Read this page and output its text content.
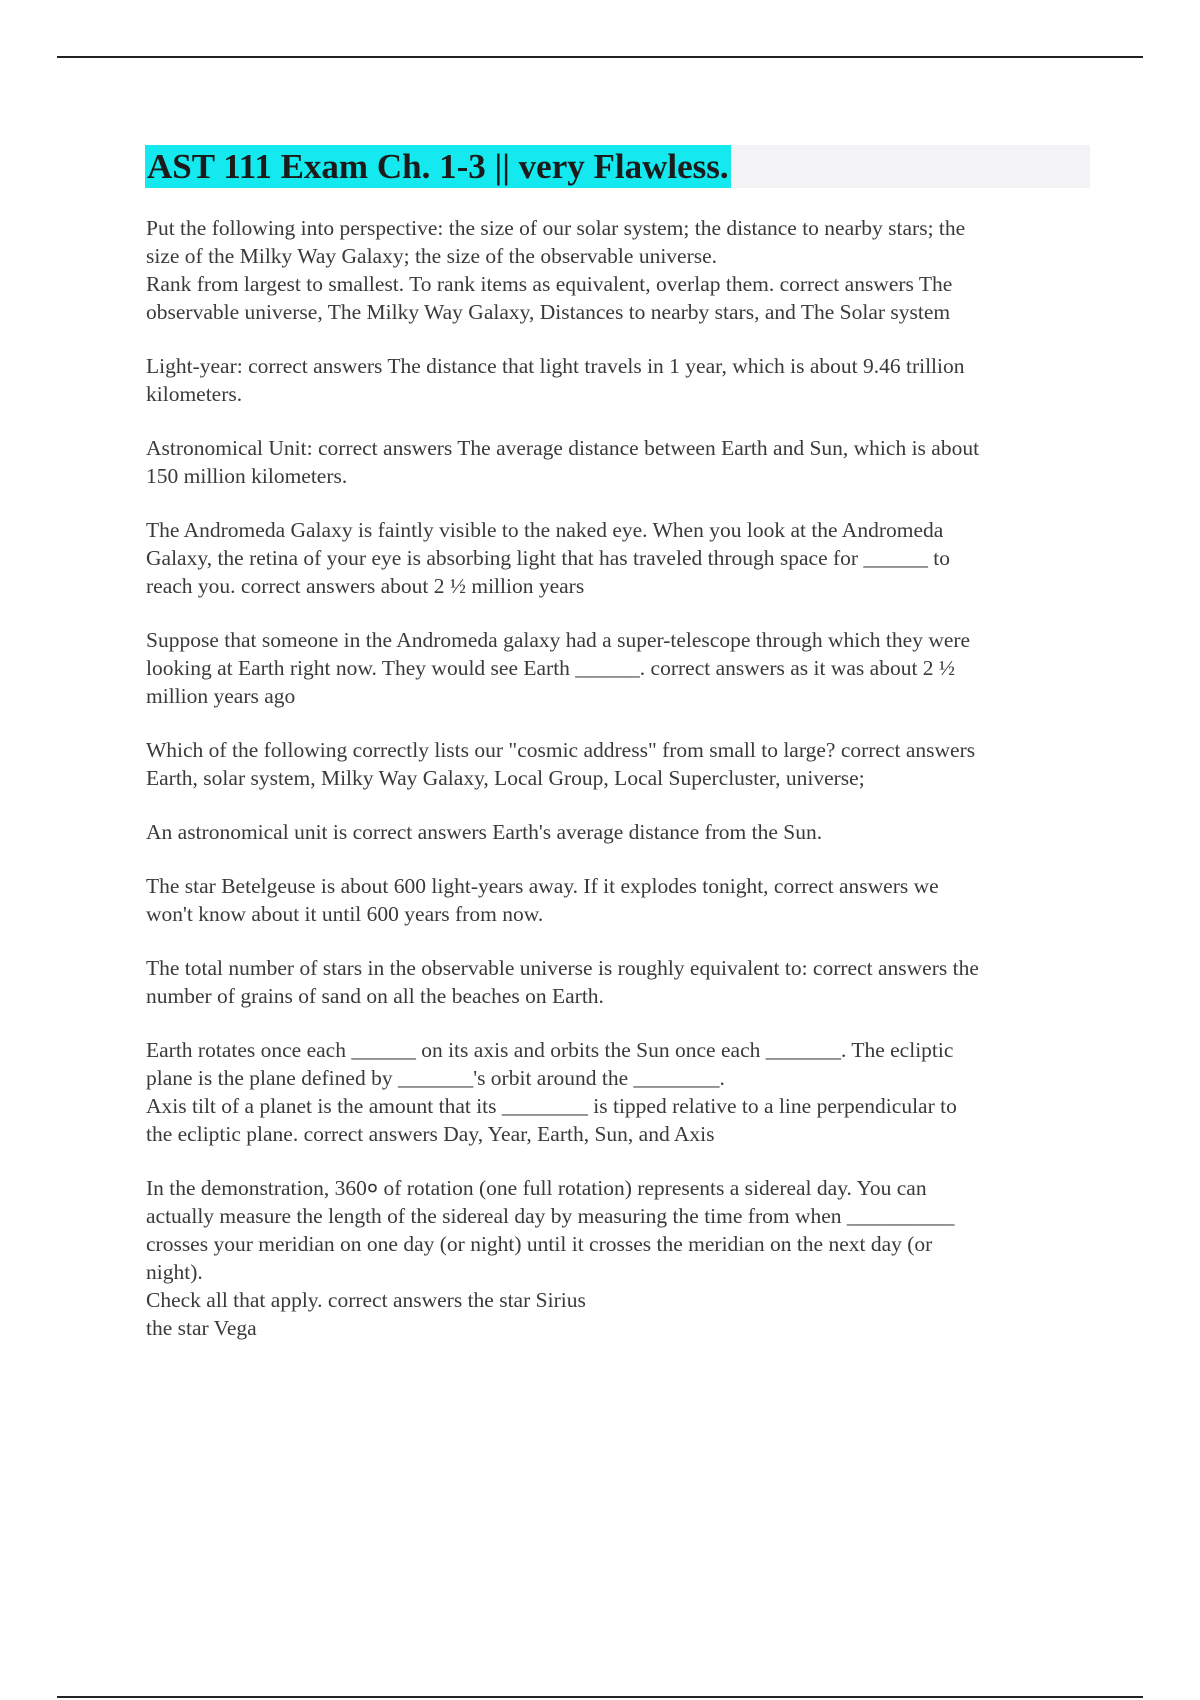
AST 111 Exam Ch. 1-3 || very Flawless.
Put the following into perspective: the size of our solar system; the distance to nearby stars; the
size of the Milky Way Galaxy; the size of the observable universe.
Rank from largest to smallest. To rank items as equivalent, overlap them. correct answers The
observable universe, The Milky Way Galaxy, Distances to nearby stars, and The Solar system
Light-year: correct answers The distance that light travels in 1 year, which is about 9.46 trillion
kilometers.
Astronomical Unit: correct answers The average distance between Earth and Sun, which is about
150 million kilometers.
The Andromeda Galaxy is faintly visible to the naked eye. When you look at the Andromeda
Galaxy, the retina of your eye is absorbing light that has traveled through space for ______ to
reach you. correct answers about 2 ½ million years
Suppose that someone in the Andromeda galaxy had a super-telescope through which they were
looking at Earth right now. They would see Earth ______. correct answers as it was about 2 ½
million years ago
Which of the following correctly lists our "cosmic address" from small to large? correct answers
Earth, solar system, Milky Way Galaxy, Local Group, Local Supercluster, universe;
An astronomical unit is correct answers Earth's average distance from the Sun.
The star Betelgeuse is about 600 light-years away. If it explodes tonight, correct answers we
won't know about it until 600 years from now.
The total number of stars in the observable universe is roughly equivalent to: correct answers the
number of grains of sand on all the beaches on Earth.
Earth rotates once each ______ on its axis and orbits the Sun once each _______. The ecliptic
plane is the plane defined by _______'s orbit around the ________.
Axis tilt of a planet is the amount that its ________ is tipped relative to a line perpendicular to
the ecliptic plane. correct answers Day, Year, Earth, Sun, and Axis
In the demonstration, 360० of rotation (one full rotation) represents a sidereal day. You can
actually measure the length of the sidereal day by measuring the time from when __________
crosses your meridian on one day (or night) until it crosses the meridian on the next day (or
night).
Check all that apply. correct answers the star Sirius
the star Vega
